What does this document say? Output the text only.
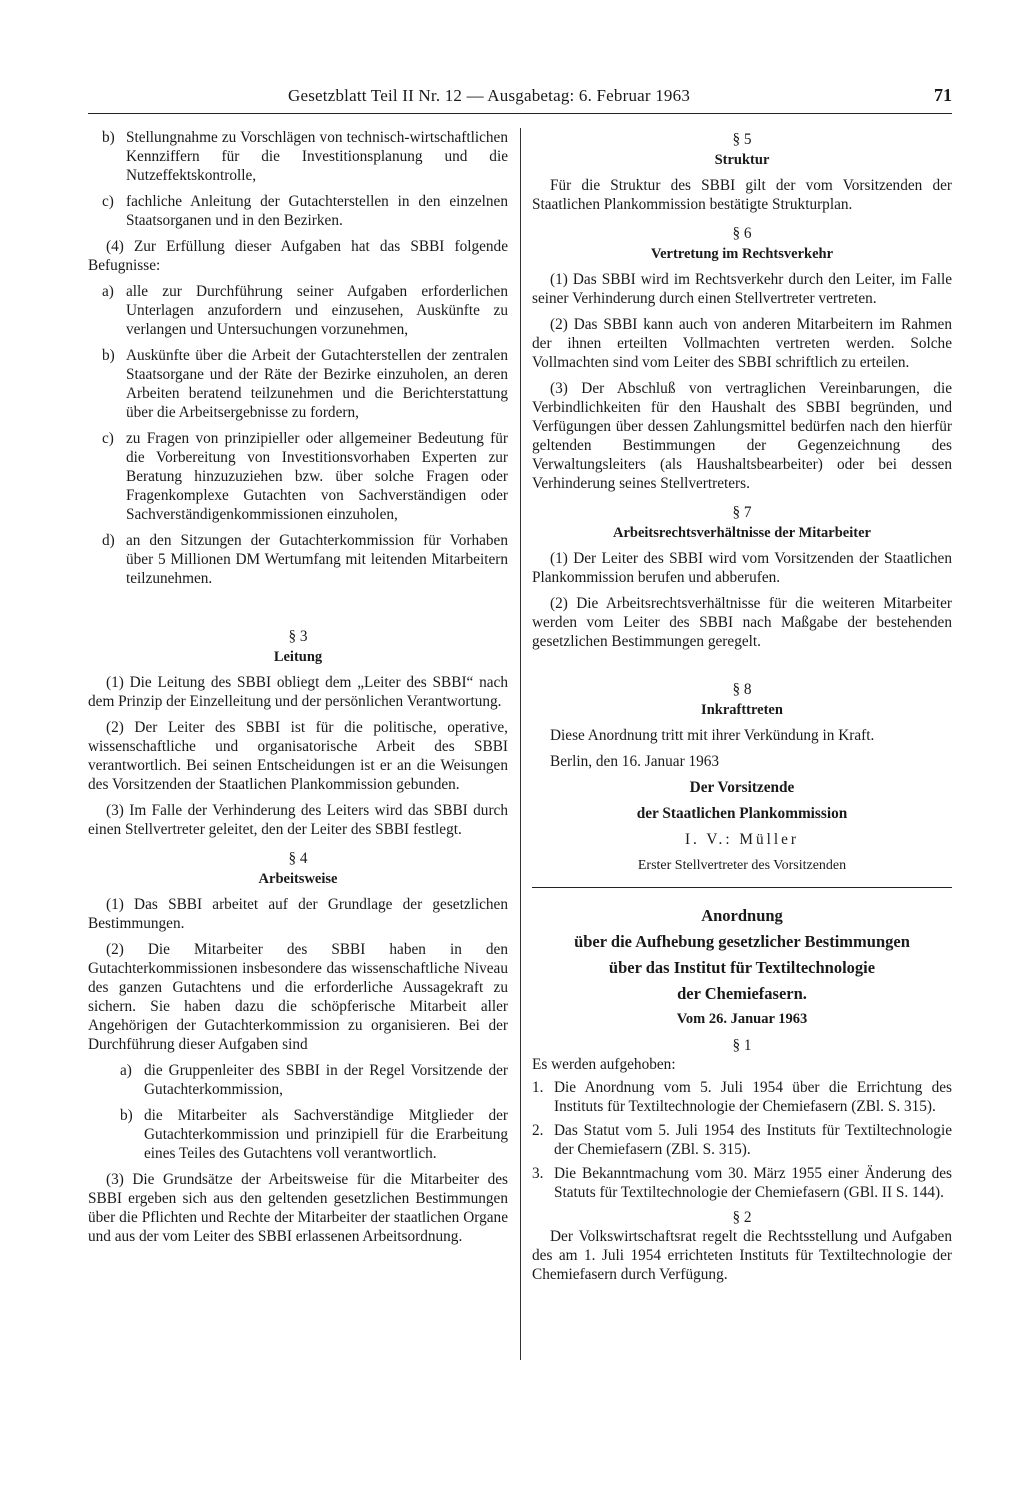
Gesetzblatt Teil II Nr. 12 — Ausgabetag: 6. Februar 1963	71
b) Stellungnahme zu Vorschlägen von technisch-wirtschaftlichen Kennziffern für die Investitionsplanung und die Nutzeffektskontrolle,
c) fachliche Anleitung der Gutachterstellen in den einzelnen Staatsorganen und in den Bezirken.

(4) Zur Erfüllung dieser Aufgaben hat das SBBI folgende Befugnisse:

a) alle zur Durchführung seiner Aufgaben erforderlichen Unterlagen anzufordern und einzusehen, Auskünfte zu verlangen und Untersuchungen vorzunehmen,
b) Auskünfte über die Arbeit der Gutachterstellen der zentralen Staatsorgane und der Räte der Bezirke einzuholen, an deren Arbeiten beratend teilzunehmen und die Berichterstattung über die Arbeitsergebnisse zu fordern,
c) zu Fragen von prinzipieller oder allgemeiner Bedeutung für die Vorbereitung von Investitionsvorhaben Experten zur Beratung hinzuzuziehen bzw. über solche Fragen oder Fragenkomplexe Gutachten von Sachverständigen oder Sachverständigenkommissionen einzuholen,
d) an den Sitzungen der Gutachterkommission für Vorhaben über 5 Millionen DM Wertumfang mit leitenden Mitarbeitern teilzunehmen.
§ 3
Leitung

(1) Die Leitung des SBBI obliegt dem „Leiter des SBBI“ nach dem Prinzip der Einzelleitung und der persönlichen Verantwortung.

(2) Der Leiter des SBBI ist für die politische, operative, wissenschaftliche und organisatorische Arbeit des SBBI verantwortlich. Bei seinen Entscheidungen ist er an die Weisungen des Vorsitzenden der Staatlichen Plankommission gebunden.

(3) Im Falle der Verhinderung des Leiters wird das SBBI durch einen Stellvertreter geleitet, den der Leiter des SBBI festlegt.

§ 4
Arbeitsweise

(1) Das SBBI arbeitet auf der Grundlage der gesetzlichen Bestimmungen.

(2) Die Mitarbeiter des SBBI haben in den Gutachterkommissionen insbesondere das wissenschaftliche Niveau des ganzen Gutachtens und die erforderliche Aussagekraft zu sichern. Sie haben dazu die schöpferische Mitarbeit aller Angehörigen der Gutachterkommission zu organisieren. Bei der Durchführung dieser Aufgaben sind

a) die Gruppenleiter des SBBI in der Regel Vorsitzende der Gutachterkommission,
b) die Mitarbeiter als Sachverständige Mitglieder der Gutachterkommission und prinzipiell für die Erarbeitung eines Teiles des Gutachtens voll verantwortlich.

(3) Die Grundsätze der Arbeitsweise für die Mitarbeiter des SBBI ergeben sich aus den geltenden gesetzlichen Bestimmungen über die Pflichten und Rechte der Mitarbeiter der staatlichen Organe und aus der vom Leiter des SBBI erlassenen Arbeitsordnung.

§ 5
Struktur

Für die Struktur des SBBI gilt der vom Vorsitzenden der Staatlichen Plankommission bestätigte Strukturplan.

§ 6
Vertretung im Rechtsverkehr

(1) Das SBBI wird im Rechtsverkehr durch den Leiter, im Falle seiner Verhinderung durch einen Stellvertreter vertreten.

(2) Das SBBI kann auch von anderen Mitarbeitern im Rahmen der ihnen erteilten Vollmachten vertreten werden. Solche Vollmachten sind vom Leiter des SBBI schriftlich zu erteilen.

(3) Der Abschluß von vertraglichen Vereinbarungen, die Verbindlichkeiten für den Haushalt des SBBI begründen, und Verfügungen über dessen Zahlungsmittel bedürfen nach den hierfür geltenden Bestimmungen der Gegenzeichnung des Verwaltungsleiters (als Haushaltsbearbeiter) oder bei dessen Verhinderung seines Stellvertreters.

§ 7
Arbeitsrechtsverhältnisse der Mitarbeiter

(1) Der Leiter des SBBI wird vom Vorsitzenden der Staatlichen Plankommission berufen und abberufen.

(2) Die Arbeitsrechtsverhältnisse für die weiteren Mitarbeiter werden vom Leiter des SBBI nach Maßgabe der bestehenden gesetzlichen Bestimmungen geregelt.

§ 8
Inkrafttreten

Diese Anordnung tritt mit ihrer Verkündung in Kraft.

Berlin, den 16. Januar 1963

Der Vorsitzende

der Staatlichen Plankommission

I. V.: Müller

Erster Stellvertreter des Vorsitzenden

Anordnung

über die Aufhebung gesetzlicher Bestimmungen

über das Institut für Textiltechnologie

der Chemiefasern.

Vom 26. Januar 1963

§ 1

Es werden aufgehoben:

1. Die Anordnung vom 5. Juli 1954 über die Errichtung des Instituts für Textiltechnologie der Chemiefasern (ZBl. S. 315).
2. Das Statut vom 5. Juli 1954 des Instituts für Textiltechnologie der Chemiefasern (ZBl. S. 315).
3. Die Bekanntmachung vom 30. März 1955 einer Änderung des Statuts für Textiltechnologie der Chemiefasern (GBl. II S. 144).
§ 2

Der Volkswirtschaftsrat regelt die Rechtsstellung und Aufgaben des am 1. Juli 1954 errichteten Instituts für Textiltechnologie der Chemiefasern durch Verfügung.
